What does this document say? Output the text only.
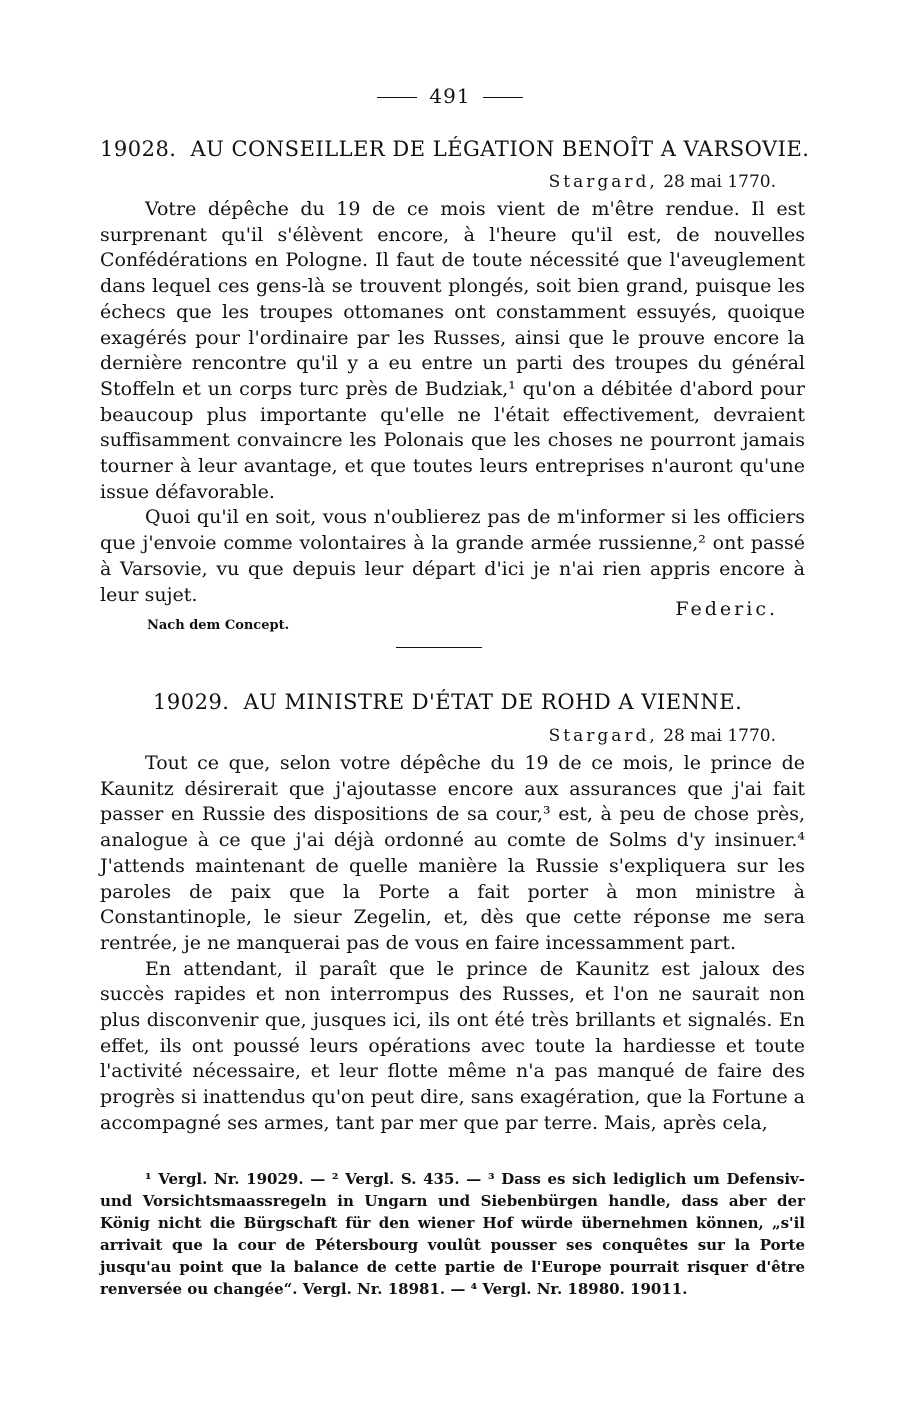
491
19028. AU CONSEILLER DE LÉGATION BENOÎT A VARSOVIE.
Stargard, 28 mai 1770.

Votre dépêche du 19 de ce mois vient de m'être rendue. Il est surprenant qu'il s'élèvent encore, à l'heure qu'il est, de nouvelles Confédérations en Pologne. Il faut de toute nécessité que l'aveuglement dans lequel ces gens-là se trouvent plongés, soit bien grand, puisque les échecs que les troupes ottomanes ont constamment essuyés, quoique exagérés pour l'ordinaire par les Russes, ainsi que le prouve encore la dernière rencontre qu'il y a eu entre un parti des troupes du général Stoffeln et un corps turc près de Budziak,¹ qu'on a débitée d'abord pour beaucoup plus importante qu'elle ne l'était effectivement, devraient suffisamment convaincre les Polonais que les choses ne pourront jamais tourner à leur avantage, et que toutes leurs entreprises n'auront qu'une issue défavorable.

Quoi qu'il en soit, vous n'oublierez pas de m'informer si les officiers que j'envoie comme volontaires à la grande armée russienne,² ont passé à Varsovie, vu que depuis leur départ d'ici je n'ai rien appris encore à leur sujet.

Federic.
Nach dem Concept.
19029. AU MINISTRE D'ÉTAT DE ROHD A VIENNE.
Stargard, 28 mai 1770.

Tout ce que, selon votre dépêche du 19 de ce mois, le prince de Kaunitz désirerait que j'ajoutasse encore aux assurances que j'ai fait passer en Russie des dispositions de sa cour,³ est, à peu de chose près, analogue à ce que j'ai déjà ordonné au comte de Solms d'y insinuer.⁴ J'attends maintenant de quelle manière la Russie s'expliquera sur les paroles de paix que la Porte a fait porter à mon ministre à Constantinople, le sieur Zegelin, et, dès que cette réponse me sera rentrée, je ne manquerai pas de vous en faire incessamment part.

En attendant, il paraît que le prince de Kaunitz est jaloux des succès rapides et non interrompus des Russes, et l'on ne saurait non plus disconvenir que, jusques ici, ils ont été très brillants et signalés. En effet, ils ont poussé leurs opérations avec toute la hardiesse et toute l'activité nécessaire, et leur flotte même n'a pas manqué de faire des progrès si inattendus qu'on peut dire, sans exagération, que la Fortune a accompagné ses armes, tant par mer que par terre. Mais, après cela,

¹ Vergl. Nr. 19029. — ² Vergl. S. 435. — ³ Dass es sich lediglich um Defensiv- und Vorsichtsmaassregeln in Ungarn und Siebenbürgen handle, dass aber der König nicht die Bürgschaft für den wiener Hof würde übernehmen können, „s'il arrivait que la cour de Pétersbourg voulût pousser ses conquêtes sur la Porte jusqu'au point que la balance de cette partie de l'Europe pourrait risquer d'être renversée ou changée“. Vergl. Nr. 18981. — ⁴ Vergl. Nr. 18980. 19011.
